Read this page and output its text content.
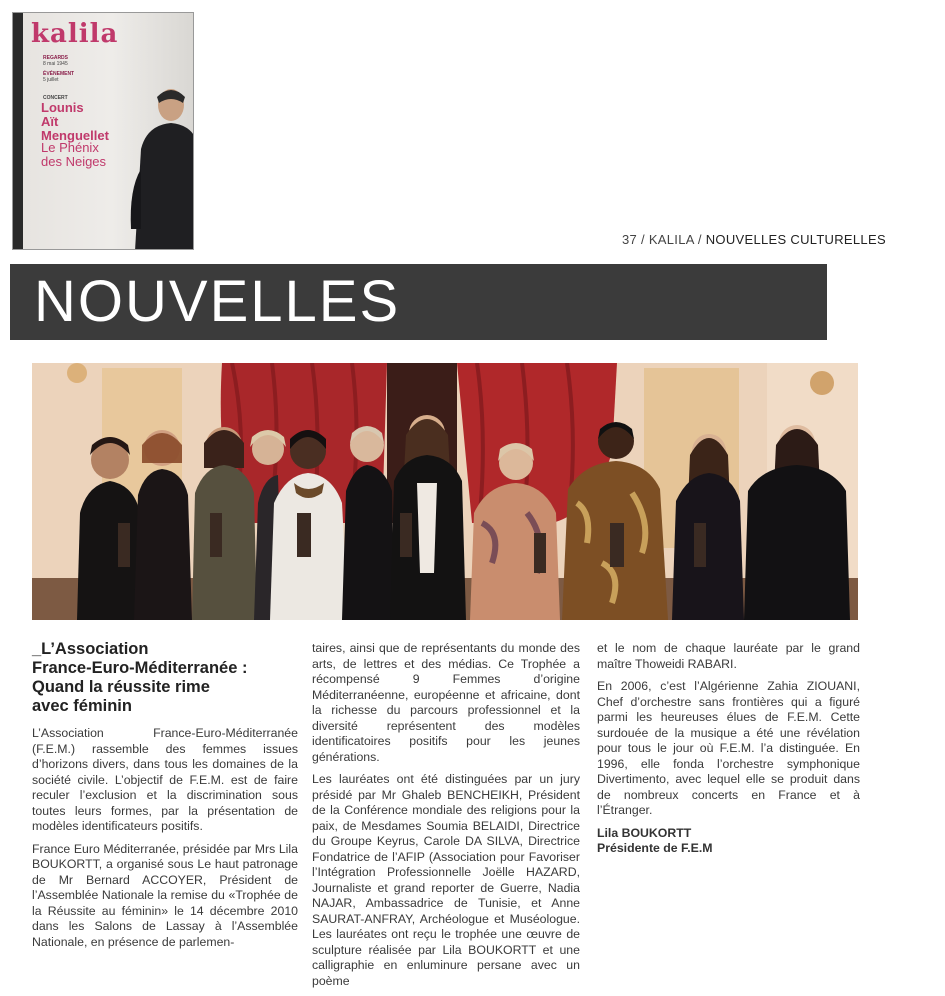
kalila
REGARDS
8 mai 1945
ÉVÉNEMENT
5 juillet
CONCERT
Lounis
Aït
Menguellet
Le Phénix
des Neiges
37 / KALILA / NOUVELLES CULTURELLES
NOUVELLES
_L’Association
France-Euro-Méditerranée :
Quand la réussite rime
avec féminin

L’Association France-Euro-Méditerranée (F.E.M.) rassemble des femmes issues d’horizons divers, dans tous les domaines de la société civile. L’objectif de F.E.M. est de faire reculer l’exclusion et la discrimination sous toutes leurs formes, par la présentation de modèles identificateurs positifs.

France Euro Méditerranée, présidée par Mrs Lila BOUKORTT, a organisé sous Le haut patronage de Mr Bernard ACCOYER, Président de l’Assemblée Nationale la remise du «Trophée de la Réussite au féminin» le 14 décembre 2010 dans les Salons de Lassay à l’Assemblée Nationale, en présence de parlemen-

taires, ainsi que de représentants du monde des arts, de lettres et des médias. Ce Trophée a récompensé 9 Femmes d’origine Méditerranéenne, européenne et africaine, dont la richesse du parcours professionnel et la diversité représentent des modèles identificatoires positifs pour les jeunes générations.

Les lauréates ont été distinguées par un jury présidé par Mr Ghaleb BENCHEIKH, Président de la Conférence mondiale des religions pour la paix, de Mesdames Soumia BELAIDI, Directrice du Groupe Keyrus, Carole DA SILVA, Directrice Fondatrice de l’AFIP (Association pour Favoriser l’Intégration Professionnelle Joëlle HAZARD, Journaliste et grand reporter de Guerre, Nadia NAJAR, Ambassadrice de Tunisie, et Anne SAURAT-ANFRAY, Archéologue et Muséologue. Les lauréates ont reçu le trophée une œuvre de sculpture réalisée par Lila BOUKORTT et une calligraphie en enluminure persane avec un poème

et le nom de chaque lauréate par le grand maître Thoweidi RABARI.

En 2006, c’est l’Algérienne Zahia ZIOUANI, Chef d’orchestre sans frontières qui a figuré parmi les heureuses élues de F.E.M. Cette surdouée de la musique a été une révélation pour tous le jour où F.E.M. l’a distinguée. En 1996, elle fonda l’orchestre symphonique Divertimento, avec lequel elle se produit dans de nombreux concerts en France et à l’Étranger.

Lila BOUKORTT
Présidente de F.E.M
